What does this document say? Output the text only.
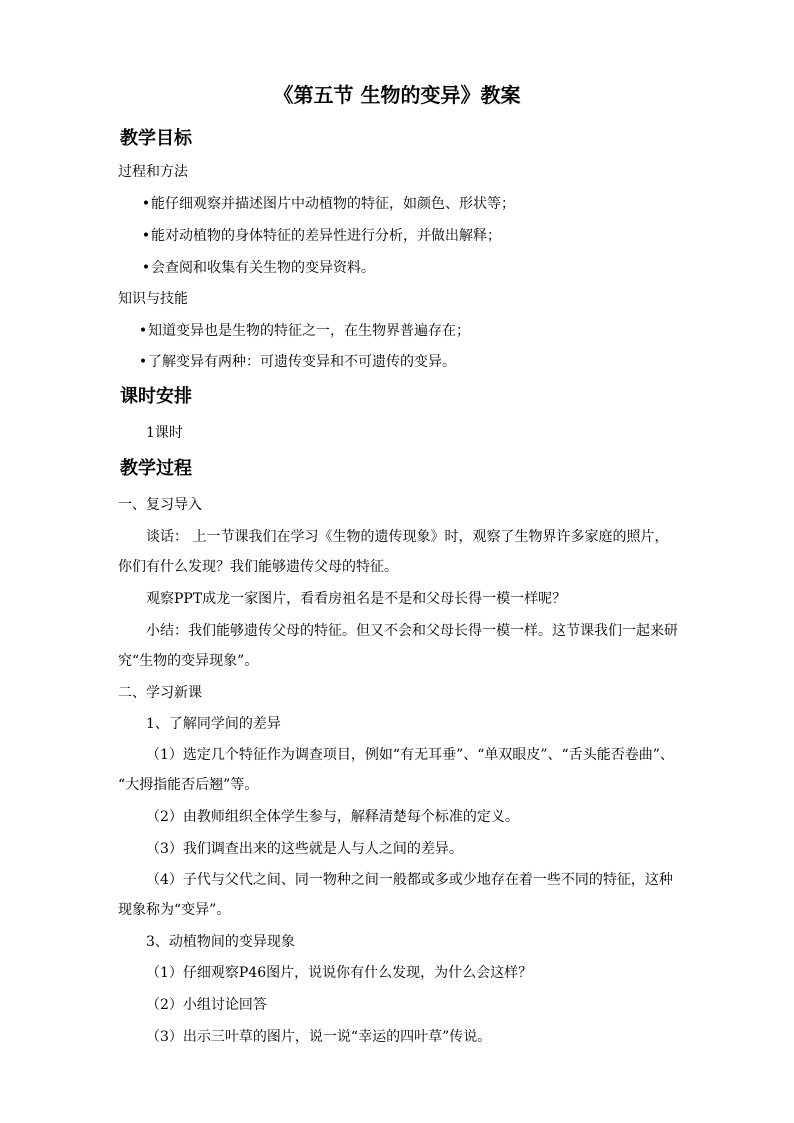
《第五节 生物的变异》教案
教学目标
过程和方法
•能仔细观察并描述图片中动植物的特征，如颜色、形状等；
•能对动植物的身体特征的差异性进行分析，并做出解释；
•会查阅和收集有关生物的变异资料。
知识与技能
•知道变异也是生物的特征之一，在生物界普遍存在；
•了解变异有两种：可遗传变异和不可遗传的变异。
课时安排
1课时
教学过程
一、复习导入
谈话： 上一节课我们在学习《生物的遗传现象》时，观察了生物界许多家庭的照片，
你们有什么发现？我们能够遗传父母的特征。
观察PPT成龙一家图片，看看房祖名是不是和父母长得一模一样呢？
小结：我们能够遗传父母的特征。但又不会和父母长得一模一样。这节课我们一起来研
究“生物的变异现象”。
二、学习新课
1、了解同学间的差异
（1）选定几个特征作为调查项目，例如“有无耳垂”、“单双眼皮”、“舌头能否卷曲”、
“大拇指能否后翘”等。
（2）由教师组织全体学生参与，解释清楚每个标准的定义。
（3）我们调查出来的这些就是人与人之间的差异。
（4）子代与父代之间、同一物种之间一般都或多或少地存在着一些不同的特征，这种
现象称为“变异”。
3、动植物间的变异现象
（1）仔细观察P46图片，说说你有什么发现，为什么会这样？
（2）小组讨论回答
（3）出示三叶草的图片，说一说“幸运的四叶草”传说。
